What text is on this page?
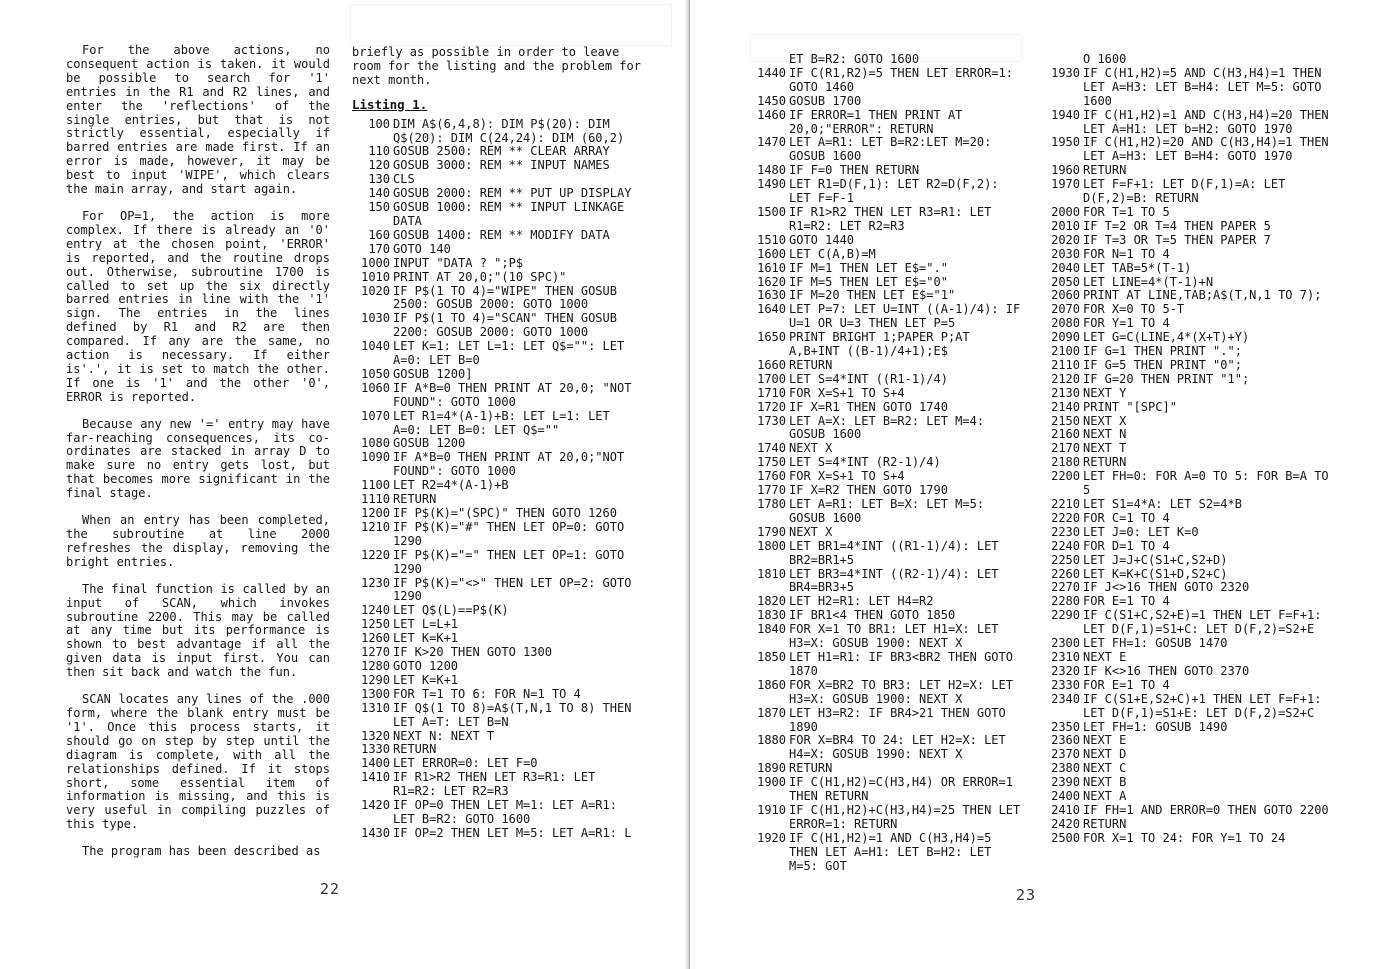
For the above actions, no consequent action is taken. it would be possible to search for '1' entries in the R1 and R2 lines, and enter the 'reflections' of the single entries, but that is not strictly essential, especially if barred entries are made first. If an error is made, however, it may be best to input 'WIPE', which clears the main array, and start again.

For OP=1, the action is more complex. If there is already an '0' entry at the chosen point, 'ERROR' is reported, and the routine drops out. Otherwise, subroutine 1700 is called to set up the six directly barred entries in line with the '1' sign. The entries in the lines defined by R1 and R2 are then compared. If any are the same, no action is necessary. If either is'.', it is set to match the other. If one is '1' and the other '0', ERROR is reported.

Because any new '=' entry may have far-reaching consequences, its co-ordinates are stacked in array D to make sure no entry gets lost, but that becomes more significant in the final stage.

When an entry has been completed, the subroutine at line 2000 refreshes the display, removing the bright entries.

The final function is called by an input of SCAN, which invokes subroutine 2200. This may be called at any time but its performance is shown to best advantage if all the given data is input first. You can then sit back and watch the fun.

SCAN locates any lines of the .000 form, where the blank entry must be '1'. Once this process starts, it should go on step by step until the diagram is complete, with all the relationships defined. If it stops short, some essential item of information is missing, and this is very useful in compiling puzzles of this type.

The program has been described as

briefly as possible in order to leave room for the listing and the problem for next month.

Listing 1.

100 DIM A$(6,4,8): DIM P$(20): DIM Q$(20): DIM C(24,24): DIM (60,2)
110 GOSUB 2500: REM ** CLEAR ARRAY
120 GOSUB 3000: REM ** INPUT NAMES
130 CLS
140 GOSUB 2000: REM ** PUT UP DISPLAY
150 GOSUB 1000: REM ** INPUT LINKAGE DATA
160 GOSUB 1400: REM ** MODIFY DATA
170 GOTO 140
1000 INPUT "DATA ? ";P$
1010 PRINT AT 20,0;"(10 SPC)"
1020 IF P$(1 TO 4)="WIPE" THEN GOSUB 2500: GOSUB 2000: GOTO 1000
1030 IF P$(1 TO 4)="SCAN" THEN GOSUB 2200: GOSUB 2000: GOTO 1000
1040 LET K=1: LET L=1: LET Q$="": LET A=0: LET B=0
1050 GOSUB 1200]
1060 IF A*B=0 THEN PRINT AT 20,0; "NOT FOUND": GOTO 1000
1070 LET R1=4*(A-1)+B: LET L=1: LET A=0: LET B=0: LET Q$=""
1080 GOSUB 1200
1090 IF A*B=0 THEN PRINT AT 20,0;"NOT FOUND": GOTO 1000
1100 LET R2=4*(A-1)+B
1110 RETURN
1200 IF P$(K)="(SPC)" THEN GOTO 1260
1210 IF P$(K)="#" THEN LET OP=0: GOTO 1290
1220 IF P$(K)="=" THEN LET OP=1: GOTO 1290
1230 IF P$(K)="<>" THEN LET OP=2: GOTO 1290
1240 LET Q$(L)==P$(K)
1250 LET L=L+1
1260 LET K=K+1
1270 IF K>20 THEN GOTO 1300
1280 GOTO 1200
1290 LET K=K+1
1300 FOR T=1 TO 6: FOR N=1 TO 4
1310 IF Q$(1 TO 8)=A$(T,N,1 TO 8) THEN LET A=T: LET B=N
1320 NEXT N: NEXT T
1330 RETURN
1400 LET ERROR=0: LET F=0
1410 IF R1>R2 THEN LET R3=R1: LET R1=R2: LET R2=R3
1420 IF OP=0 THEN LET M=1: LET A=R1: LET B=R2: GOTO 1600
1430 IF OP=2 THEN LET M=5: LET A=R1: L
22
ET B=R2: GOTO 1600
1440 IF C(R1,R2)=5 THEN LET ERROR=1: GOTO 1460
1450 GOSUB 1700
1460 IF ERROR=1 THEN PRINT AT 20,0;"ERROR": RETURN
1470 LET A=R1: LET B=R2:LET M=20: GOSUB 1600
1480 IF F=0 THEN RETURN
1490 LET R1=D(F,1): LET R2=D(F,2): LET F=F-1
1500 IF R1>R2 THEN LET R3=R1: LET R1=R2: LET R2=R3
1510 GOTO 1440
1600 LET C(A,B)=M
1610 IF M=1 THEN LET E$="."
1620 IF M=5 THEN LET E$="0"
1630 IF M=20 THEN LET E$="1"
1640 LET P=7: LET U=INT ((A-1)/4): IF U=1 OR U=3 THEN LET P=5
1650 PRINT BRIGHT 1;PAPER P;AT A,B+INT ((B-1)/4+1);E$
1660 RETURN
1700 LET S=4*INT ((R1-1)/4)
1710 FOR X=S+1 TO S+4
1720 IF X=R1 THEN GOTO 1740
1730 LET A=X: LET B=R2: LET M=4: GOSUB 1600
1740 NEXT X
1750 LET S=4*INT (R2-1)/4)
1760 FOR X=S+1 TO S+4
1770 IF X=R2 THEN GOTO 1790
1780 LET A=R1: LET B=X: LET M=5: GOSUB 1600
1790 NEXT X
1800 LET BR1=4*INT ((R1-1)/4): LET BR2=BR1+5
1810 LET BR3=4*INT ((R2-1)/4): LET BR4=BR3+5
1820 LET H2=R1: LET H4=R2
1830 IF BR1<4 THEN GOTO 1850
1840 FOR X=1 TO BR1: LET H1=X: LET H3=X: GOSUB 1900: NEXT X
1850 LET H1=R1: IF BR3<BR2 THEN GOTO 1870
1860 FOR X=BR2 TO BR3: LET H2=X: LET H3=X: GOSUB 1900: NEXT X
1870 LET H3=R2: IF BR4>21 THEN GOTO 1890
1880 FOR X=BR4 TO 24: LET H2=X: LET H4=X: GOSUB 1990: NEXT X
1890 RETURN
1900 IF C(H1,H2)=C(H3,H4) OR ERROR=1 THEN RETURN
1910 IF C(H1,H2)+C(H3,H4)=25 THEN LET ERROR=1: RETURN
1920 IF C(H1,H2)=1 AND C(H3,H4)=5 THEN LET A=H1: LET B=H2: LET M=5: GOT
O 1600
1930 IF C(H1,H2)=5 AND C(H3,H4)=1 THEN LET A=H3: LET B=H4: LET M=5: GOTO 1600
1940 IF C(H1,H2)=1 AND C(H3,H4)=20 THEN LET A=H1: LET b=H2: GOTO 1970
1950 IF C(H1,H2)=20 AND C(H3,H4)=1 THEN LET A=H3: LET B=H4: GOTO 1970
1960 RETURN
1970 LET F=F+1: LET D(F,1)=A: LET D(F,2)=B: RETURN
2000 FOR T=1 TO 5
2010 IF T=2 OR T=4 THEN PAPER 5
2020 IF T=3 OR T=5 THEN PAPER 7
2030 FOR N=1 TO 4
2040 LET TAB=5*(T-1)
2050 LET LINE=4*(T-1)+N
2060 PRINT AT LINE,TAB;A$(T,N,1 TO 7);
2070 FOR X=0 TO 5-T
2080 FOR Y=1 TO 4
2090 LET G=C(LINE,4*(X+T)+Y)
2100 IF G=1 THEN PRINT ".";
2110 IF G=5 THEN PRINT "0";
2120 IF G=20 THEN PRINT "1";
2130 NEXT Y
2140 PRINT "[SPC]"
2150 NEXT X
2160 NEXT N
2170 NEXT T
2180 RETURN
2200 LET FH=0: FOR A=0 TO 5: FOR B=A TO 5
2210 LET S1=4*A: LET S2=4*B
2220 FOR C=1 TO 4
2230 LET J=0: LET K=0
2240 FOR D=1 TO 4
2250 LET J=J+C(S1+C,S2+D)
2260 LET K=K+C(S1+D,S2+C)
2270 IF J<>16 THEN GOTO 2320
2280 FOR E=1 TO 4
2290 IF C(S1+C,S2+E)=1 THEN LET F=F+1: LET D(F,1)=S1+C: LET D(F,2)=S2+E
2300 LET FH=1: GOSUB 1470
2310 NEXT E
2320 IF K<>16 THEN GOTO 2370
2330 FOR E=1 TO 4
2340 IF C(S1+E,S2+C)+1 THEN LET F=F+1: LET D(F,1)=S1+E: LET D(F,2)=S2+C
2350 LET FH=1: GOSUB 1490
2360 NEXT E
2370 NEXT D
2380 NEXT C
2390 NEXT B
2400 NEXT A
2410 IF FH=1 AND ERROR=0 THEN GOTO 2200
2420 RETURN
2500 FOR X=1 TO 24: FOR Y=1 TO 24
23
